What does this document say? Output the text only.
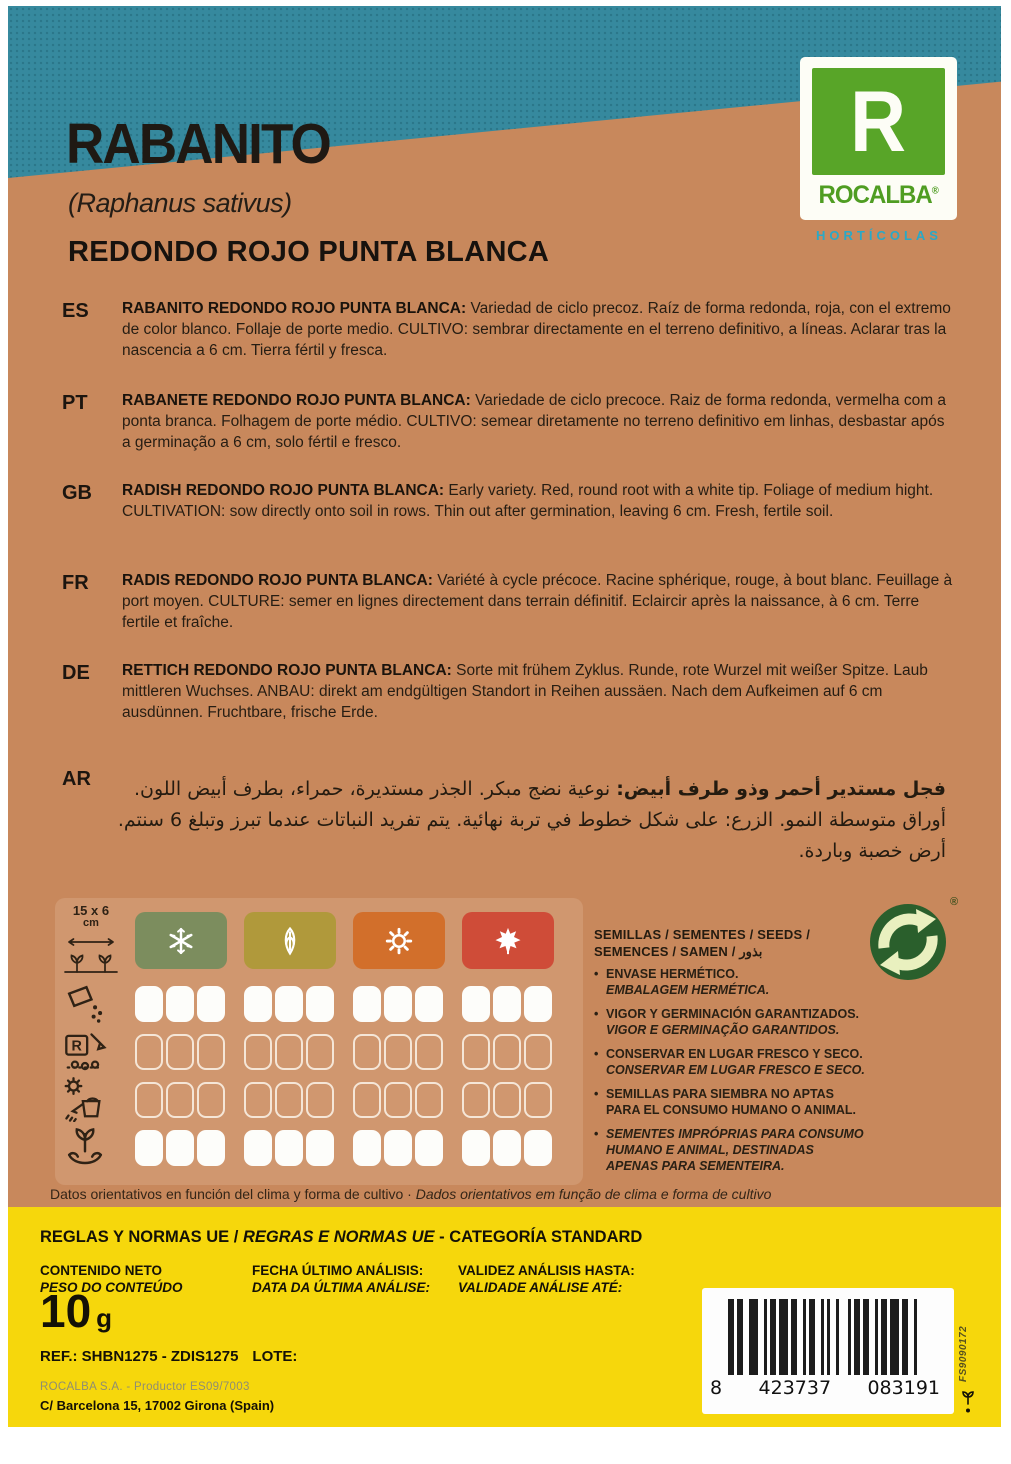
RABANITO
(Raphanus sativus)
REDONDO ROJO PUNTA BLANCA
R
ROCALBA®
HORTÍCOLAS
ES RABANITO REDONDO ROJO PUNTA BLANCA: Variedad de ciclo precoz. Raíz de forma redonda, roja, con el extremo de color blanco. Follaje de porte medio. CULTIVO: sembrar directamente en el terreno definitivo, a líneas. Aclarar tras la nascencia a 6 cm. Tierra fértil y fresca.
PT RABANETE REDONDO ROJO PUNTA BLANCA: Variedade de ciclo precoce. Raiz de forma redonda, vermelha com a ponta branca. Folhagem de porte médio. CULTIVO: semear diretamente no terreno definitivo em linhas, desbastar após a germinação a 6 cm, solo fértil e fresco.
GB RADISH REDONDO ROJO PUNTA BLANCA: Early variety. Red, round root with a white tip. Foliage of medium hight. CULTIVATION: sow directly onto soil in rows. Thin out after germination, leaving 6 cm. Fresh, fertile soil.
FR RADIS REDONDO ROJO PUNTA BLANCA: Variété à cycle précoce. Racine sphérique, rouge, à bout blanc. Feuillage à port moyen. CULTURE: semer en lignes directement dans terrain définitif. Eclaircir après la naissance, à 6 cm. Terre fertile et fraîche.
DE RETTICH REDONDO ROJO PUNTA BLANCA: Sorte mit frühem Zyklus. Runde, rote Wurzel mit weißer Spitze. Laub mittleren Wuchses. ANBAU: direkt am endgültigen Standort in Reihen aussäen. Nach dem Aufkeimen auf 6 cm ausdünnen. Fruchtbare, frische Erde.
AR	فجل مستدير أحمر وذو طرف أبيض: نوعية نضج مبكر. الجذر مستديرة، حمراء، بطرف أبيض اللون. أوراق متوسطة النمو. الزرع: على شكل خطوط في تربة نهائية. يتم تفريد النباتات عندما تبرز وتبلغ 6 سنتم. أرض خصبة وباردة.
15 x 6
cm
R
SEMILLAS / SEMENTES / SEEDS /
SEMENCES / SAMEN / بذور
• ENVASE HERMÉTICO.
EMBALAGEM HERMÉTICA.
• VIGOR Y GERMINACIÓN GARANTIZADOS.
VIGOR E GERMINAÇÃO GARANTIDOS.
• CONSERVAR EN LUGAR FRESCO Y SECO.
CONSERVAR EM LUGAR FRESCO E SECO.
• SEMILLAS PARA SIEMBRA NO APTAS PARA EL CONSUMO HUMANO O ANIMAL.
• SEMENTES IMPRÓPRIAS PARA CONSUMO HUMANO E ANIMAL, DESTINADAS APENAS PARA SEMENTEIRA.
®
Datos orientativos en función del clima y forma de cultivo · Dados orientativos em função de clima e forma de cultivo
REGLAS Y NORMAS UE / REGRAS E NORMAS UE - CATEGORÍA STANDARD
CONTENIDO NETO
PESO DO CONTEÚDO
FECHA ÚLTIMO ANÁLISIS:
DATA DA ÚLTIMA ANÁLISE:
VALIDEZ ANÁLISIS HASTA:
VALIDADE ANÁLISE ATÉ:
10 g
REF.: SHBN1275 - ZDIS1275 LOTE:
ROCALBA S.A. - Productor ES09/7003
C/ Barcelona 15, 17002 Girona (Spain)
8 423737 083191
FS9090172
